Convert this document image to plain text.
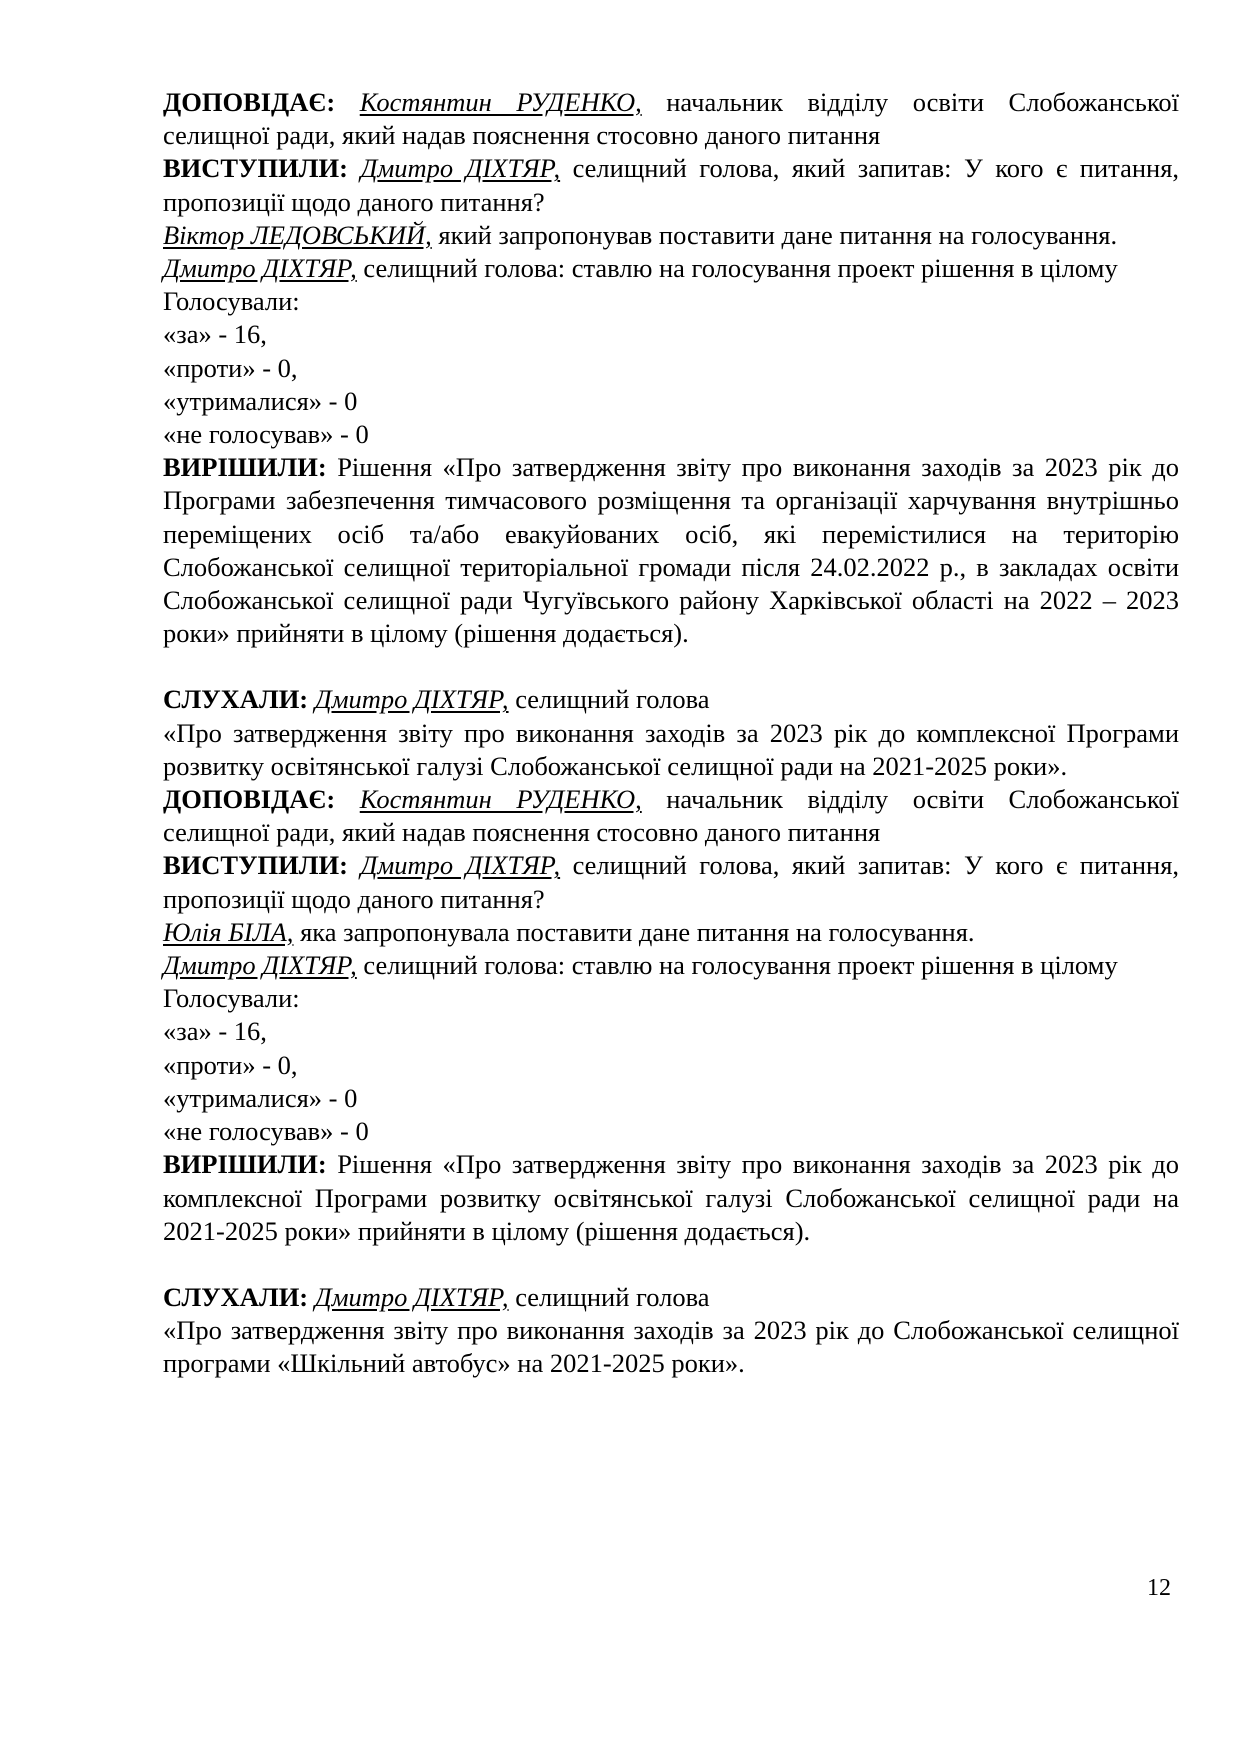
ДОПОВІДАЄ: Костянтин РУДЕНКО, начальник відділу освіти Слобожанської селищної ради, який надав пояснення стосовно даного питання

ВИСТУПИЛИ: Дмитро ДІХТЯР, селищний голова, який запитав: У кого є питання, пропозиції щодо даного питання?

Віктор ЛЕДОВСЬКИЙ, який запропонував поставити дане питання на голосування.

Дмитро ДІХТЯР, селищний голова: ставлю на голосування проект рішення в цілому

Голосували:

«за» - 16,

«проти» - 0,

«утрималися» - 0

«не голосував» - 0

ВИРІШИЛИ: Рішення «Про затвердження звіту про виконання заходів за 2023 рік до Програми забезпечення тимчасового розміщення та організації харчування внутрішньо переміщених осіб та/або евакуйованих осіб, які перемістилися на територію Слобожанської селищної територіальної громади після 24.02.2022 р., в закладах освіти Слобожанської селищної ради Чугуївського району Харківської області на 2022 – 2023 роки» прийняти в цілому (рішення додається).

СЛУХАЛИ: Дмитро ДІХТЯР, селищний голова

«Про затвердження звіту про виконання заходів за 2023 рік до комплексної Програми розвитку освітянської галузі Слобожанської селищної ради на 2021-2025 роки».

ДОПОВІДАЄ: Костянтин РУДЕНКО, начальник відділу освіти Слобожанської селищної ради, який надав пояснення стосовно даного питання

ВИСТУПИЛИ: Дмитро ДІХТЯР, селищний голова, який запитав: У кого є питання, пропозиції щодо даного питання?

Юлія БІЛА, яка запропонувала поставити дане питання на голосування.

Дмитро ДІХТЯР, селищний голова: ставлю на голосування проект рішення в цілому

Голосували:

«за» - 16,

«проти» - 0,

«утрималися» - 0

«не голосував» - 0

ВИРІШИЛИ: Рішення «Про затвердження звіту про виконання заходів за 2023 рік до комплексної Програми розвитку освітянської галузі Слобожанської селищної ради на 2021-2025 роки» прийняти в цілому (рішення додається).

СЛУХАЛИ: Дмитро ДІХТЯР, селищний голова

«Про затвердження звіту про виконання заходів за 2023 рік до Слобожанської селищної програми «Шкільний автобус» на 2021-2025 роки».

12
